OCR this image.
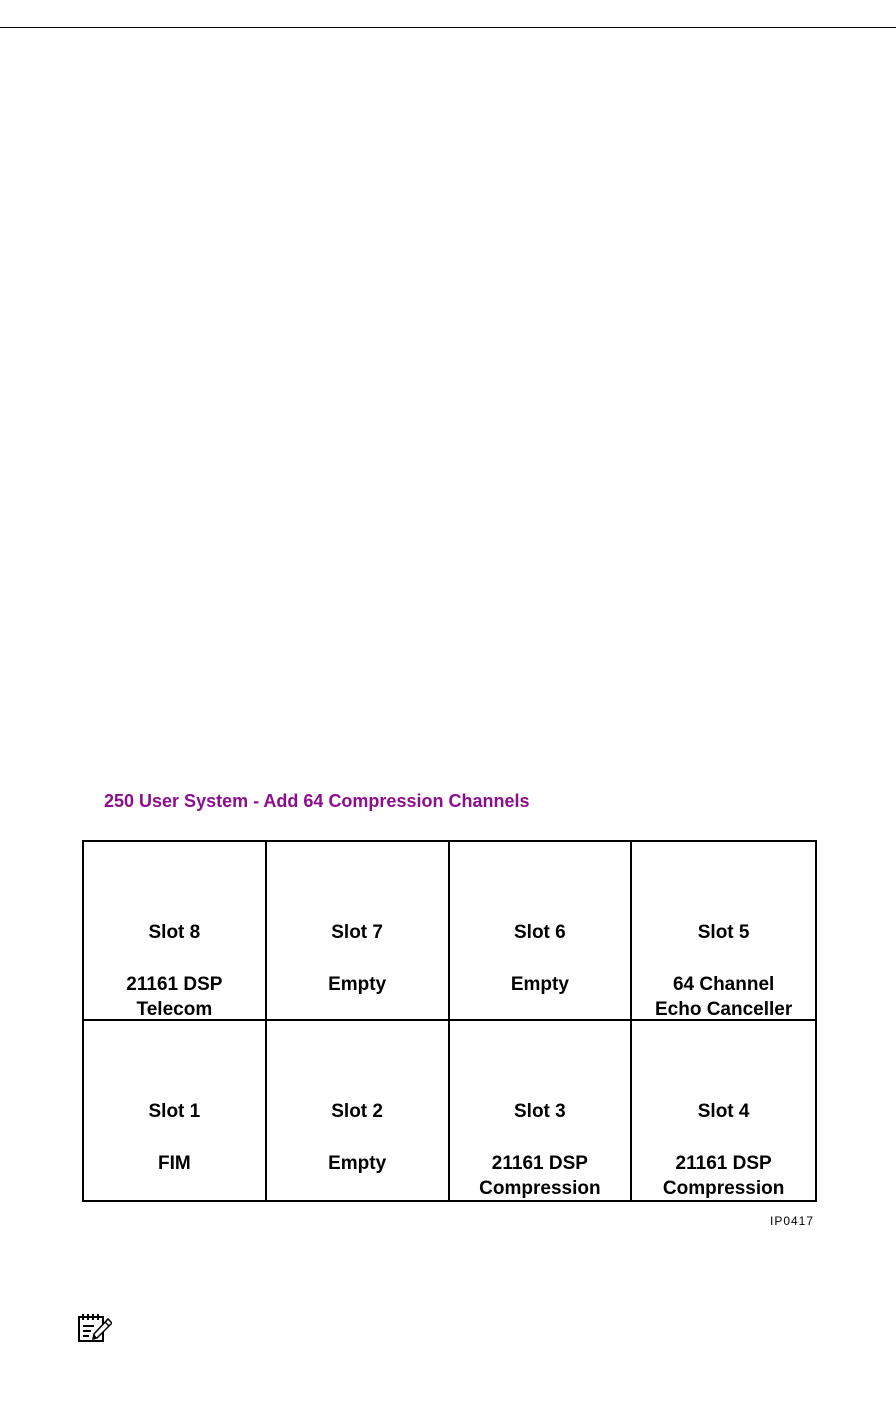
250 User System - Add 64 Compression Channels
Slot 8
21161 DSP
Telecom
Slot 7
Empty
Slot 6
Empty
Slot 5
64 Channel
Echo Canceller
Slot 1
FIM
Slot 2
Empty
Slot 3
21161 DSP
Compression
Slot 4
21161 DSP
Compression
IP0417
